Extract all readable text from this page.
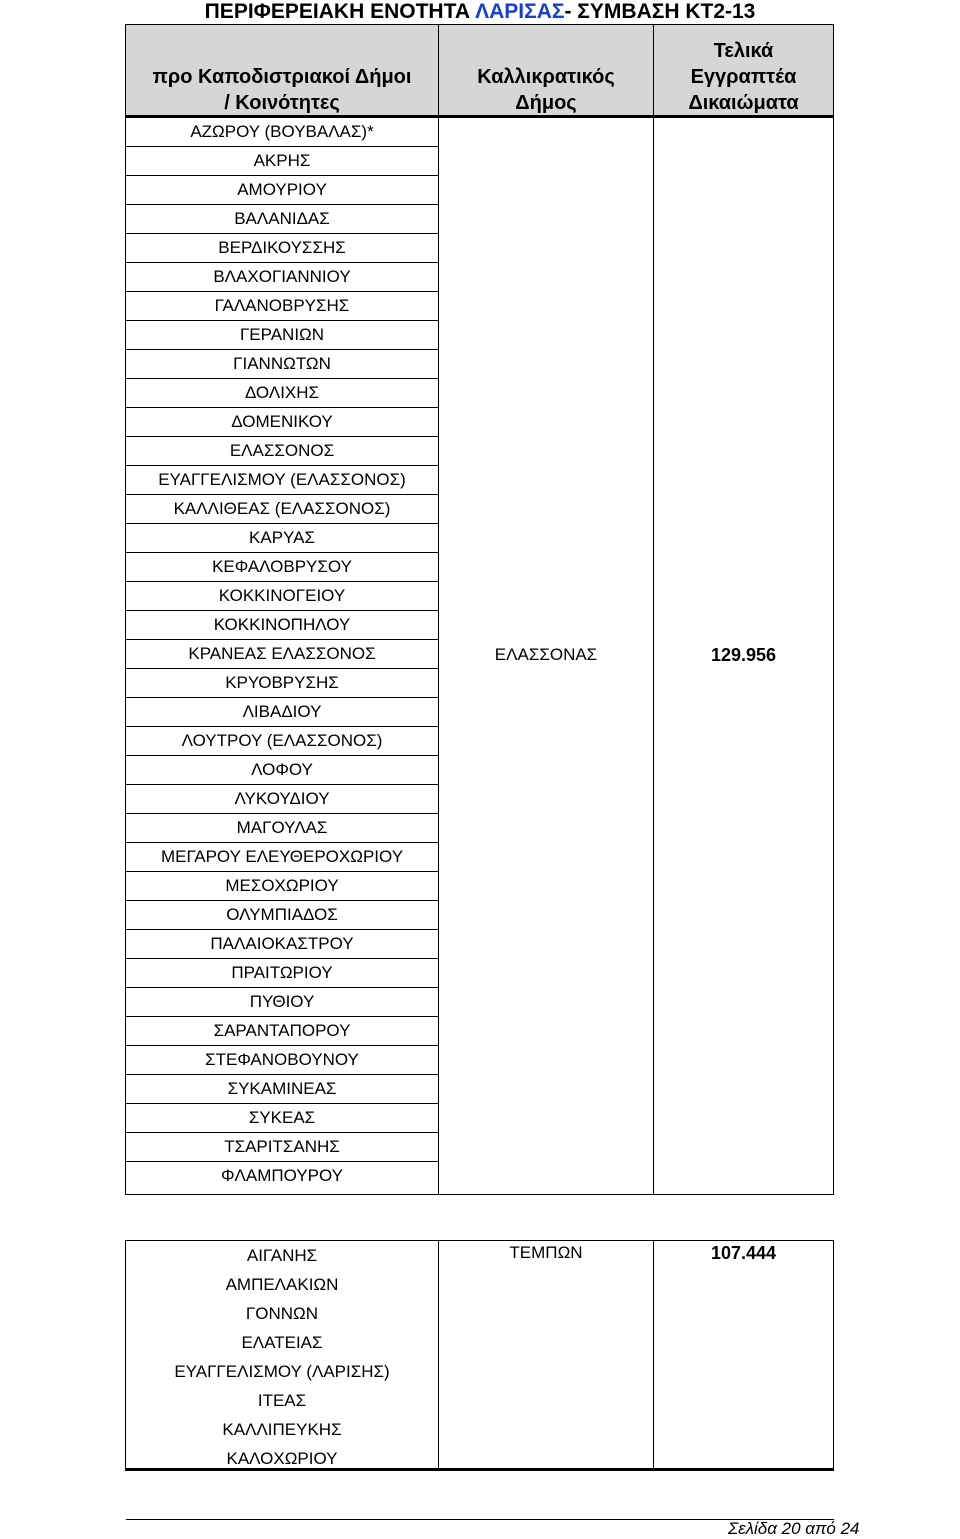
ΠΕΡΙΦΕΡΕΙΑΚΗ ΕΝΟΤΗΤΑ ΛΑΡΙΣΑΣ- ΣΥΜΒΑΣΗ ΚΤ2-13
προ Καποδιστριακοί Δήμοι
/ Κοινότητες
Καλλικρατικός
Δήμος
Τελικά
Εγγραπτέα
Δικαιώματα
ΑΖΩΡΟΥ (ΒΟΥΒΑΛΑΣ)*
ΑΚΡΗΣ
ΑΜΟΥΡΙΟΥ
ΒΑΛΑΝΙΔΑΣ
ΒΕΡΔΙΚΟΥΣΣΗΣ
ΒΛΑΧΟΓΙΑΝΝΙΟΥ
ΓΑΛΑΝΟΒΡΥΣΗΣ
ΓΕΡΑΝΙΩΝ
ΓΙΑΝΝΩΤΩΝ
ΔΟΛΙΧΗΣ
ΔΟΜΕΝΙΚΟΥ
ΕΛΑΣΣΟΝΟΣ
ΕΥΑΓΓΕΛΙΣΜΟΥ (ΕΛΑΣΣΟΝΟΣ)
ΚΑΛΛΙΘΕΑΣ (ΕΛΑΣΣΟΝΟΣ)
ΚΑΡΥΑΣ
ΚΕΦΑΛΟΒΡΥΣΟΥ
ΚΟΚΚΙΝΟΓΕΙΟΥ
ΚΟΚΚΙΝΟΠΗΛΟΥ
ΚΡΑΝΕΑΣ ΕΛΑΣΣΟΝΟΣ
ΚΡΥΟΒΡΥΣΗΣ
ΛΙΒΑΔΙΟΥ
ΛΟΥΤΡΟΥ (ΕΛΑΣΣΟΝΟΣ)
ΛΟΦΟΥ
ΛΥΚΟΥΔΙΟΥ
ΜΑΓΟΥΛΑΣ
ΜΕΓΑΡΟΥ ΕΛΕΥΘΕΡΟΧΩΡΙΟΥ
ΜΕΣΟΧΩΡΙΟΥ
ΟΛΥΜΠΙΑΔΟΣ
ΠΑΛΑΙΟΚΑΣΤΡΟΥ
ΠΡΑΙΤΩΡΙΟΥ
ΠΥΘΙΟΥ
ΣΑΡΑΝΤΑΠΟΡΟΥ
ΣΤΕΦΑΝΟΒΟΥΝΟΥ
ΣΥΚΑΜΙΝΕΑΣ
ΣΥΚΕΑΣ
ΤΣΑΡΙΤΣΑΝΗΣ
ΦΛΑΜΠΟΥΡΟΥ
ΕΛΑΣΣΟΝΑΣ	129.956
ΑΙΓΑΝΗΣ
ΑΜΠΕΛΑΚΙΩΝ
ΓΟΝΝΩΝ
ΕΛΑΤΕΙΑΣ
ΕΥΑΓΓΕΛΙΣΜΟΥ (ΛΑΡΙΣΗΣ)
ΙΤΕΑΣ
ΚΑΛΛΙΠΕΥΚΗΣ
ΚΑΛΟΧΩΡΙΟΥ
ΤΕΜΠΩΝ	107.444
Σελίδα 20 από 24
